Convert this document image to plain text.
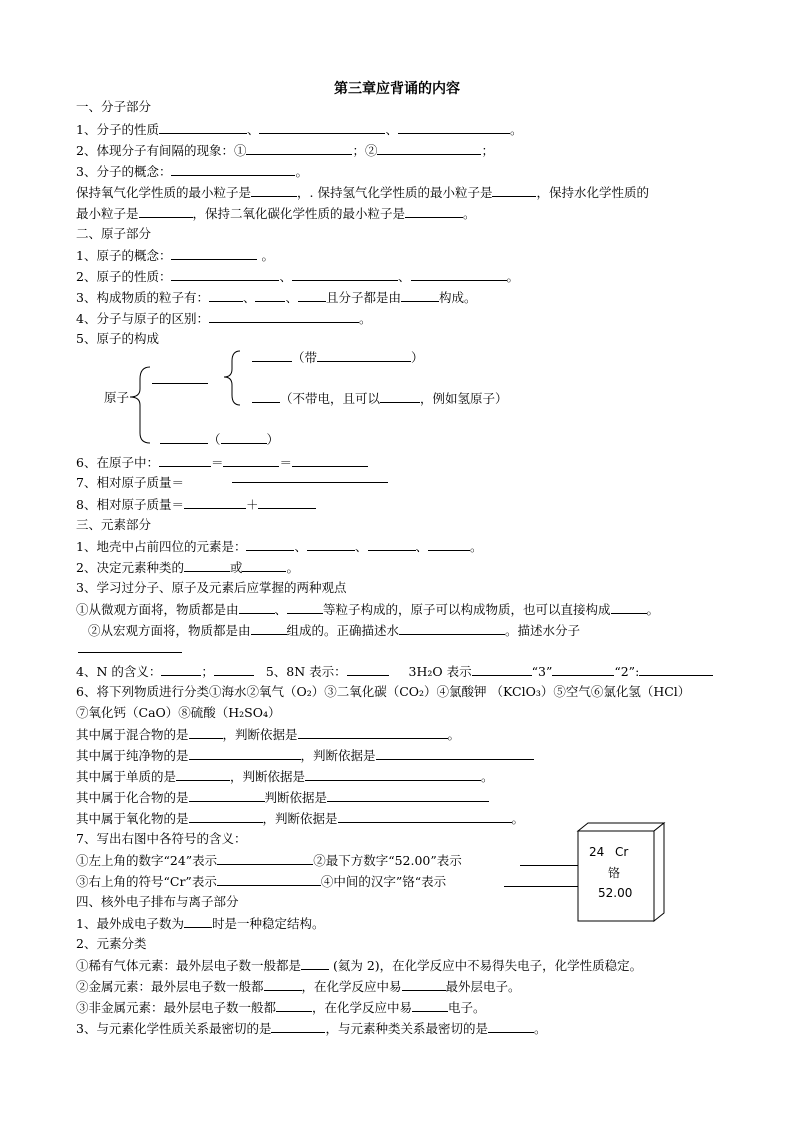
第三章应背诵的内容
一、分子部分
1、分子的性质	、	、	。
2、体现分子有间隔的现象：①	；②	；
3、分子的概念：	。
保持氧气化学性质的最小粒子是	，. 保持氢气化学性质的最小粒子是	，保持水化学性质的
最小粒子是	，保持二氧化碳化学性质的最小粒子是	。
二、原子部分
1、原子的概念：	。
2、原子的性质：	、	、	。
3、构成物质的粒子有：	、 、 且分子都是由	构成。
4、分子与原子的区别：	。
5、原子的构成
原子
（带	）
（不带电，且可以	，例如氢原子）
（	）
6、在原子中：	＝	＝
7、相对原子质量＝
8、相对原子质量＝	＋
三、元素部分
1、地壳中占前四位的元素是：	、	、	、	。
2、决定元素种类的	或	。
3、学习过分子、原子及元素后应掌握的两种观点
①从微观方面将，物质都是由	、	等粒子构成的，原子可以构成物质，也可以直接构成	。
②从宏观方面将，物质都是由	组成的。正确描述水	。描述水分子
4、N 的含义：	；	5、8N 表示：	3H₂O 表示	“3”	“2”:
6、将下列物质进行分类①海水②氧气（O₂）③二氧化碳（CO₂）④氯酸钾 （KClO₃）⑤空气⑥氯化氢（HCl）
⑦氧化钙（CaO）⑧硫酸（H₂SO₄）
其中属于混合物的是	，判断依据是	。
其中属于纯净物的是	，判断依据是
其中属于单质的是	，判断依据是	。
其中属于化合物的是	判断依据是
其中属于氧化物的是	，判断依据是	。
7、写出右图中各符号的含义：
①左上角的数字“24”表示	②最下方数字“52.00”表示
③右上角的符号“Cr”表示	④中间的汉字”铬“表示
24 Cr
铬
52.00
四、核外电子排布与离子部分
1、最外成电子数为 时是一种稳定结构。
2、元素分类
①稀有气体元素：最外层电子数一般都是	(氦为 2)，在化学反应中不易得失电子，化学性质稳定。
②金属元素：最外层电子数一般都	，在化学反应中易	最外层电子。
③非金属元素：最外层电子数一般都	，在化学反应中易	电子。
3、与元素化学性质关系最密切的是	，与元素种类关系最密切的是	。
